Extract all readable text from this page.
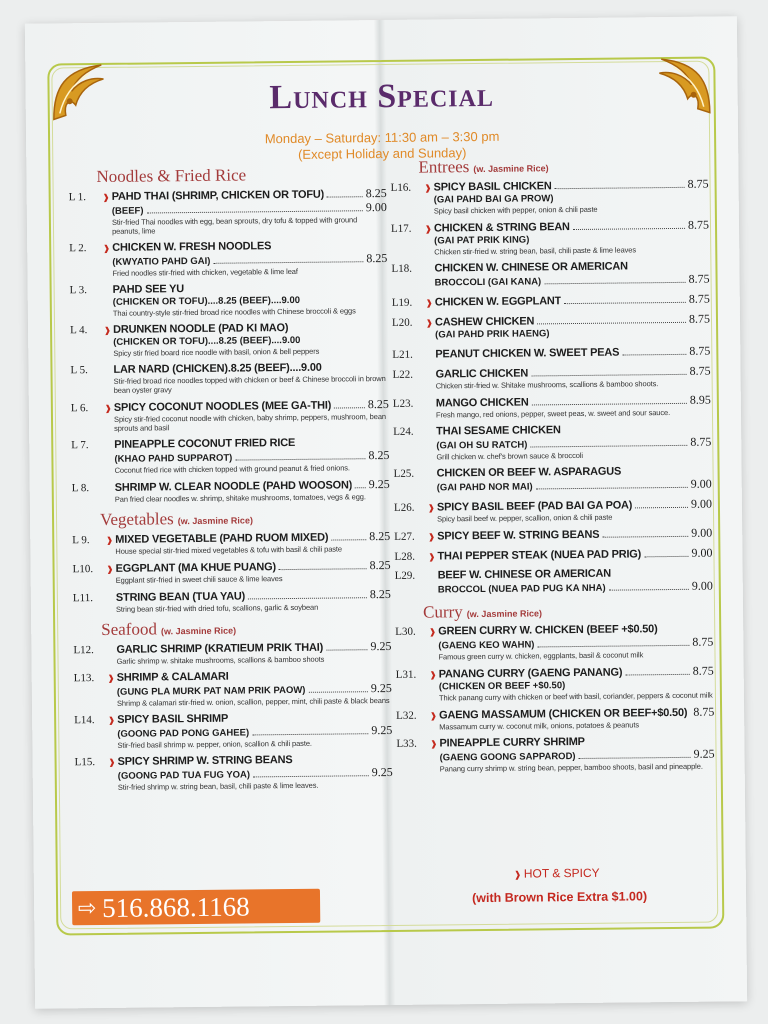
Lunch Special
Monday – Saturday: 11:30 am – 3:30 pm
(Except Holiday and Sunday)
Noodles & Fried Rice
L 1.	❱ PAHD THAI (SHRIMP, CHICKEN OR TOFU)	8.25
(BEEF)	9.00
Stir-fried Thai noodles with egg, bean sprouts, dry tofu & topped with ground peanuts, lime
L 2.	❱ CHICKEN W. FRESH NOODLES
(KWYATIO PAHD GAI)	8.25
Fried noodles stir-fried with chicken, vegetable & lime leaf
L 3.	PAHD SEE YU
(CHICKEN OR TOFU)....8.25 (BEEF)....9.00
Thai country-style stir-fried broad rice noodles with Chinese broccoli & eggs
L 4.	❱ DRUNKEN NOODLE (PAD KI MAO)
(CHICKEN OR TOFU)....8.25 (BEEF)....9.00
Spicy stir fried board rice noodle with basil, onion & bell peppers
L 5.	LAR NARD (CHICKEN).8.25 (BEEF)....9.00
Stir-fried broad rice noodles topped with chicken or beef & Chinese broccoli in brown bean oyster gravy
L 6.	❱ SPICY COCONUT NOODLES (MEE GA-THI)	8.25
Spicy stir-fried coconut noodle with chicken, baby shrimp, peppers, mushroom, bean sprouts and basil
L 7.	PINEAPPLE COCONUT FRIED RICE
(KHAO PAHD SUPPAROT)	8.25
Coconut fried rice with chicken topped with ground peanut & fried onions.
L 8.	SHRIMP W. CLEAR NOODLE (PAHD WOOSON) 9.25
Pan fried clear noodles w. shrimp, shitake mushrooms, tomatoes, vegs & egg.
Vegetables (w. Jasmine Rice)
L 9.	❱ MIXED VEGETABLE (PAHD RUOM MIXED)	8.25
House special stir-fried mixed vegetables & tofu with basil & chili paste
L10.	❱ EGGPLANT (MA KHUE PUANG)	8.25
Eggplant stir-fried in sweet chili sauce & lime leaves
L11.	STRING BEAN (TUA YAU)	8.25
String bean stir-fried with dried tofu, scallions, garlic & soybean
Seafood (w. Jasmine Rice)
L12.	GARLIC SHRIMP (KRATIEUM PRIK THAI)	9.25
Garlic shrimp w. shitake mushrooms, scallions & bamboo shoots
L13.	❱ SHRIMP & CALAMARI
(GUNG PLA MURK PAT NAM PRIK PAOW)	9.25
Shrimp & calamari stir-fried w. onion, scallion, pepper, mint, chili paste & black beans
L14.	❱ SPICY BASIL SHRIMP
(GOONG PAD PONG GAHEE)	9.25
Stir-fried basil shrimp w. pepper, onion, scallion & chili paste.
L15.	❱ SPICY SHRIMP W. STRING BEANS
(GOONG PAD TUA FUG YOA)	9.25
Stir-fried shrimp w. string bean, basil, chili paste & lime leaves.
Entrees (w. Jasmine Rice)
L16.	❱ SPICY BASIL CHICKEN	8.75
(GAI PAHD BAI GA PROW)
Spicy basil chicken with pepper, onion & chili paste
L17.	❱ CHICKEN & STRING BEAN	8.75
(GAI PAT PRIK KING)
Chicken stir-fried w. string bean, basil, chili paste & lime leaves
L18.	CHICKEN W. CHINESE OR AMERICAN
BROCCOLI (GAI KANA)	8.75
L19.	❱ CHICKEN W. EGGPLANT	8.75
L20.	❱ CASHEW CHICKEN	8.75
(GAI PAHD PRIK HAENG)
L21.	PEANUT CHICKEN W. SWEET PEAS	8.75
L22.	GARLIC CHICKEN	8.75
Chicken stir-fried w. Shitake mushrooms, scallions & bamboo shoots.
L23.	MANGO CHICKEN	8.95
Fresh mango, red onions, pepper, sweet peas, w. sweet and sour sauce.
L24.	THAI SESAME CHICKEN
(GAI OH SU RATCH)	8.75
Grill chicken w. chef's brown sauce & broccoli
L25.	CHICKEN OR BEEF W. ASPARAGUS
(GAI PAHD NOR MAI)	9.00
L26.	❱ SPICY BASIL BEEF (PAD BAI GA POA)	9.00
Spicy basil beef w. pepper, scallion, onion & chili paste
L27.	❱ SPICY BEEF W. STRING BEANS	9.00
L28.	❱ THAI PEPPER STEAK (NUEA PAD PRIG)	9.00
L29.	BEEF W. CHINESE OR AMERICAN
BROCCOL (NUEA PAD PUG KA NHA)	9.00
Curry (w. Jasmine Rice)
L30.	❱ GREEN CURRY W. CHICKEN (BEEF +$0.50)
(GAENG KEO WAHN)	8.75
Famous green curry w. chicken, eggplants, basil & coconut milk
L31.	❱ PANANG CURRY (GAENG PANANG)	8.75
(CHICKEN OR BEEF +$0.50)
Thick panang curry with chicken or beef with basil, coriander, peppers & coconut milk
L32.	❱ GAENG MASSAMUM (CHICKEN OR BEEF+$0.50) 8.75
Massamum curry w. coconut milk, onions, potatoes & peanuts
L33.	❱ PINEAPPLE CURRY SHRIMP
(GAENG GOONG SAPPAROD)	9.25
Panang curry shrimp w. string bean, pepper, bamboo shoots, basil and pineapple.
⇨ 516.868.1168
❱ HOT & SPICY
(with Brown Rice Extra $1.00)
